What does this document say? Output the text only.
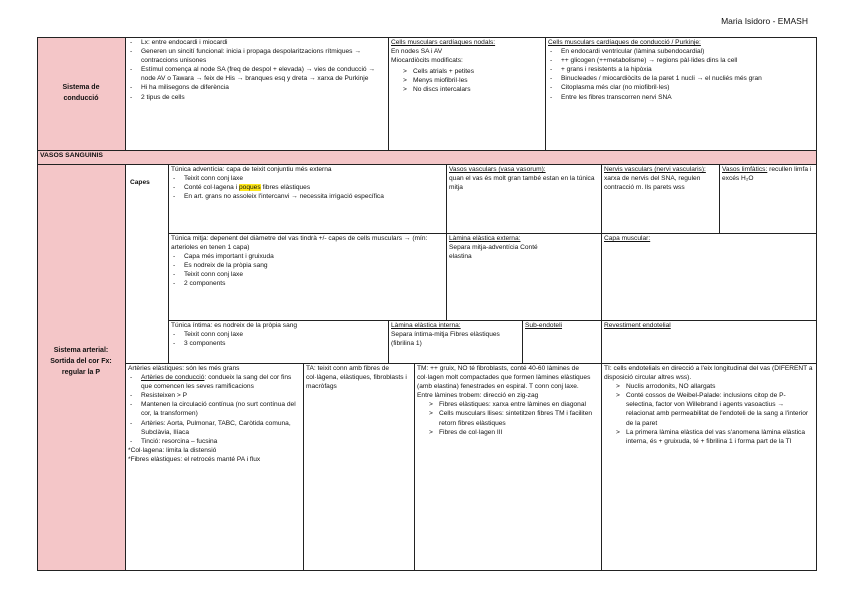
Maria Isidoro - EMASH
Sistema de conducció
- Lx: entre endocardi i miocardi
- Generen un sincití funcional: inicia i propaga despolaritzacions rítmiques → contraccions unisones
- Estímul comença al node SA (freq de despol + elevada) → vies de conducció → node AV o Tawara → feix de His → branques esq y dreta → xarxa de Purkinje
- Hi ha milisegons de diferència
- 2 tipus de cells
Cells musculars cardíaques nodals:
En nodes SA i AV
Miocardiòcits modificats:
> Cells atrials + petites
> Menys miofibril·les
> No discs intercalars
Cells musculars cardíaques de conducció / Purkinje:
- En endocardi ventricular (làmina subendocardial)
- ++ glicogen (++metabolisme) → regions pàl·lides dins la cell
- + grans i resistents a la hipòxia
- Binucleades / miocardiòcits de la paret 1 nucli → el nucliés més gran
- Citoplasma més clar (no miofibril·les)
- Entre les fibres transcorren nervi SNA
VASOS SANGUINIS
Sistema arterial: Sortida del cor Fx: regular la P
Capes
Túnica adventícia: capa de teixit conjuntiu més externa
- Teixit conn conj laxe
- Conté col·lagena i poques fibres elàstiques
- En art. grans no assoleix l'intercanvi → necessita irrigació específica
Vasos vasculars (vasa vasorum):
quan el vas és molt gran també estan en la túnica mitja
Nervis vasculars (nervi vascularis): xarxa de nervis del SNA, regulen contracció m. lls parets wss
Vasos limfàtics: recullen limfa i excés H₂O
Túnica mitja: depenent del diàmetre del vas tindrà +/- capes de cells musculars → (mín: arterioles en tenen 1 capa)
- Capa més important i gruixuda
- Es nodreix de la pròpia sang
- Teixit conn conj laxe
- 2 components
Làmina elàstica externa:
Separa mitja-adventícia Conté elastina
Capa muscular:
Túnica íntima: es nodreix de la pròpia sang
- Teixit conn conj laxe
- 3 components
Làmina elàstica interna:
Separa íntima-mitja Fibres elàstiques (fibrilina 1)
Sub-endoteli	Revestiment endotelial
Artèries elàstiques: són les més grans
- Artèries de conducció: condueix la sang del cor fins que comencen les seves ramificacions
- Resisteixen > P
- Mantenen la circulació contínua (no surt contínua del cor, la transformen)
- Artèries: Aorta, Pulmonar, TABC, Caròtida comuna, Subclàvia, Ilíaca
- Tinció: resorcina – fucsina
*Col·lagena: limita la distensió
*Fibres elàstiques: el retrocés manté PA i flux
TA: teixit conn amb fibres de col·làgena, elàstiques, fibroblasts i macròfags
TM: ++ gruix, NO té fibroblasts, conté 40-60 làmines de col·lagen molt compactades que formen làmines elàstiques (amb elastina) fenestrades en espiral. T conn conj laxe.
Entre làmines trobem: direcció en zig-zag
> Fibres elàstiques: xarxa entre làmines en diagonal
> Cells musculars llises: sintetitzen fibres TM i faciliten retorn fibres elàstiques
> Fibres de col·lagen III
TI: cells endotelials en direcció a l'eix longitudinal del vas (DIFERENT a disposició circular altres wss).
> Nuclis arrodonits, NO allargats
> Conté cossos de Weibel-Palade: inclusions citop de P-selectina, factor von Willebrand i agents vasoactius → relacionat amb permeabilitat de l'endoteli de la sang a l'interior de la paret
> La primera làmina elàstica del vas s'anomena làmina elàstica interna, és + gruixuda, té + fibrilina 1 i forma part de la TI
